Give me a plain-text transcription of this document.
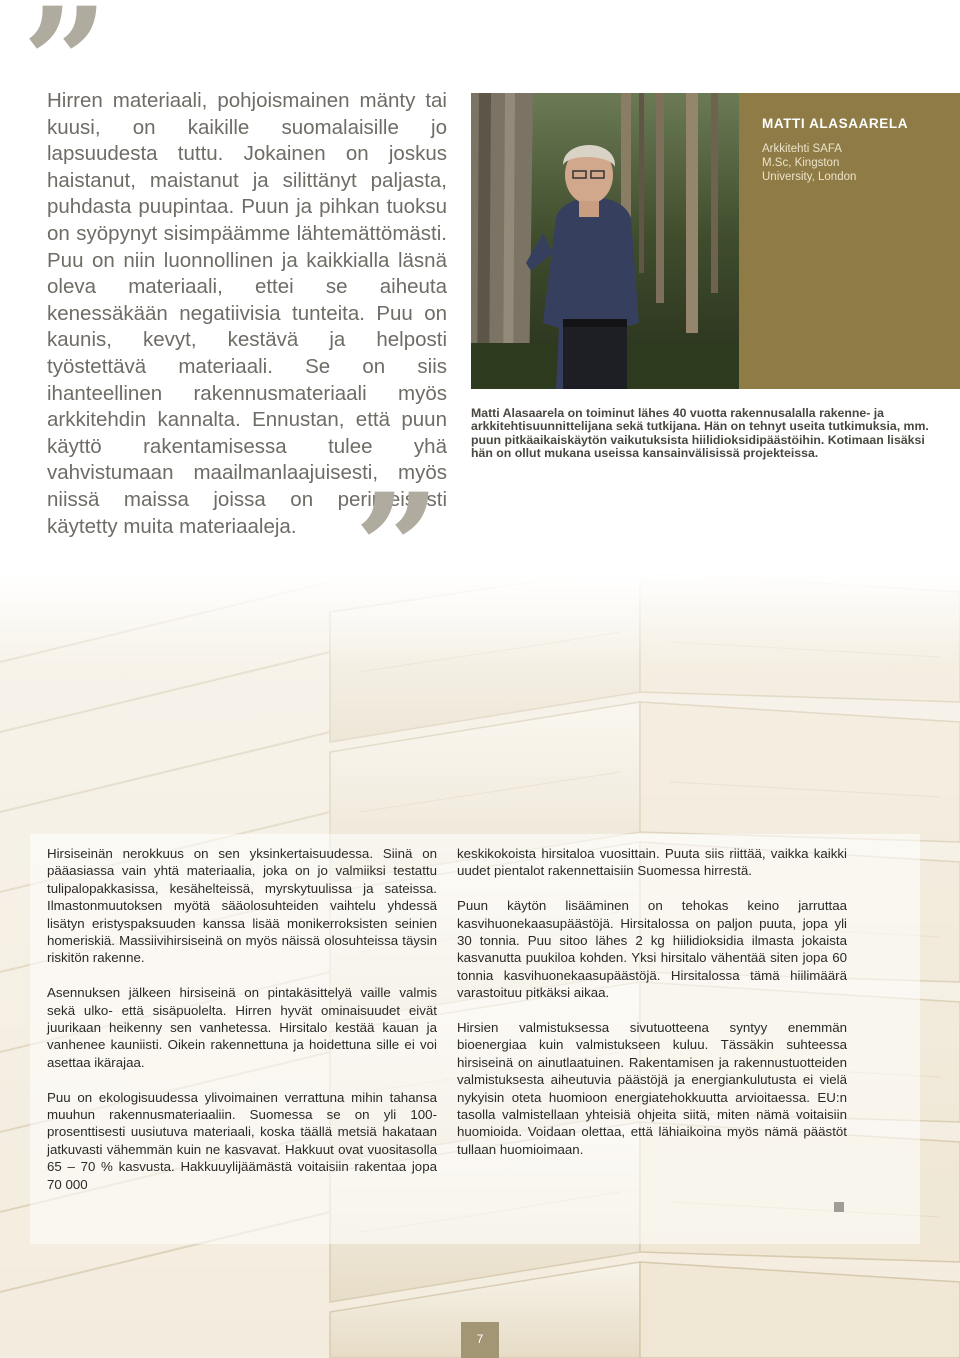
”

Hirren materiaali, pohjoismainen mänty tai kuusi, on kaikille suomalaisille jo lapsuudesta tuttu. Jokainen on joskus haistanut, maistanut ja silittänyt paljasta, puhdasta puupintaa. Puun ja pihkan tuoksu on syöpynyt sisimpäämme lähtemättömästi. Puu on niin luonnollinen ja kaikkialla läsnä oleva materiaali, ettei se aiheuta kenessäkään negatiivisia tunteita. Puu on kaunis, kevyt, kestävä ja helposti työstettävä materiaali. Se on siis ihanteellinen rakennusmateriaali myös arkkitehdin kannalta. Ennustan, että puun käyttö rakentamisessa tulee yhä vahvistumaan maailmanlaajuisesti, myös niissä maissa joissa on perinteisesti käytetty muita materiaaleja. ”
MATTI ALASAARELA
Arkkitehti SAFA
M.Sc, Kingston
University, London

Matti Alasaarela on toiminut lähes 40 vuotta rakennusalalla rakenne- ja arkkitehtisuunnittelijana sekä tutkijana. Hän on tehnyt useita tutkimuksia, mm. puun pitkäaikaiskäytön vaikutuksista hiilidioksidipäästöihin. Kotimaan lisäksi hän on ollut mukana useissa kansainvälisissä projekteissa.

Hirsiseinän nerokkuus on sen yksinkertaisuudessa. Siinä on pääasiassa vain yhtä materiaalia, joka on jo valmiiksi testattu tulipalopakkasissa, kesähelteissä, myrskytuulissa ja sateissa. Ilmastonmuutoksen myötä sääolosuhteiden vaihtelu yhdessä lisätyn eristyspaksuuden kanssa lisää monikerroksisten seinien homeriskiä. Massiivihirsiseinä on myös näissä olosuhteissa täysin riskitön rakenne.

Asennuksen jälkeen hirsiseinä on pintakäsittelyä vaille valmis sekä ulko- että sisäpuolelta. Hirren hyvät ominaisuudet eivät juurikaan heikenny sen vanhetessa. Hirsitalo kestää kauan ja vanhenee kauniisti. Oikein rakennettuna ja hoidettuna sille ei voi asettaa ikärajaa.

Puu on ekologisuudessa ylivoimainen verrattuna mihin tahansa muuhun rakennusmateriaaliin. Suomessa se on yli 100-prosenttisesti uusiutuva materiaali, koska täällä metsiä hakataan jatkuvasti vähemmän kuin ne kasvavat. Hakkuut ovat vuositasolla 65 – 70 % kasvusta. Hakkuuylijäämästä voitaisiin rakentaa jopa 70 000

keskikokoista hirsitaloa vuosittain. Puuta siis riittää, vaikka kaikki uudet pientalot rakennettaisiin Suomessa hirrestä.

Puun käytön lisääminen on tehokas keino jarruttaa kasvihuonekaasupäästöjä. Hirsitalossa on paljon puuta, jopa yli 30 tonnia. Puu sitoo lähes 2 kg hiilidioksidia ilmasta jokaista kasvanutta puukiloa kohden. Yksi hirsitalo vähentää siten jopa 60 tonnia kasvihuonekaasupäästöjä. Hirsitalossa tämä hiilimäärä varastoituu pitkäksi aikaa.

Hirsien valmistuksessa sivutuotteena syntyy enemmän bioenergiaa kuin valmistukseen kuluu. Tässäkin suhteessa hirsiseinä on ainutlaatuinen. Rakentamisen ja rakennustuotteiden valmistuksesta aiheutuvia päästöjä ja energiankulutusta ei vielä nykyisin oteta huomioon energiatehokkuutta arvioitaessa. EU:n tasolla valmistellaan yhteisiä ohjeita siitä, miten nämä voitaisiin huomioida. Voidaan olettaa, että lähiaikoina myös nämä päästöt tullaan huomioimaan.

7
